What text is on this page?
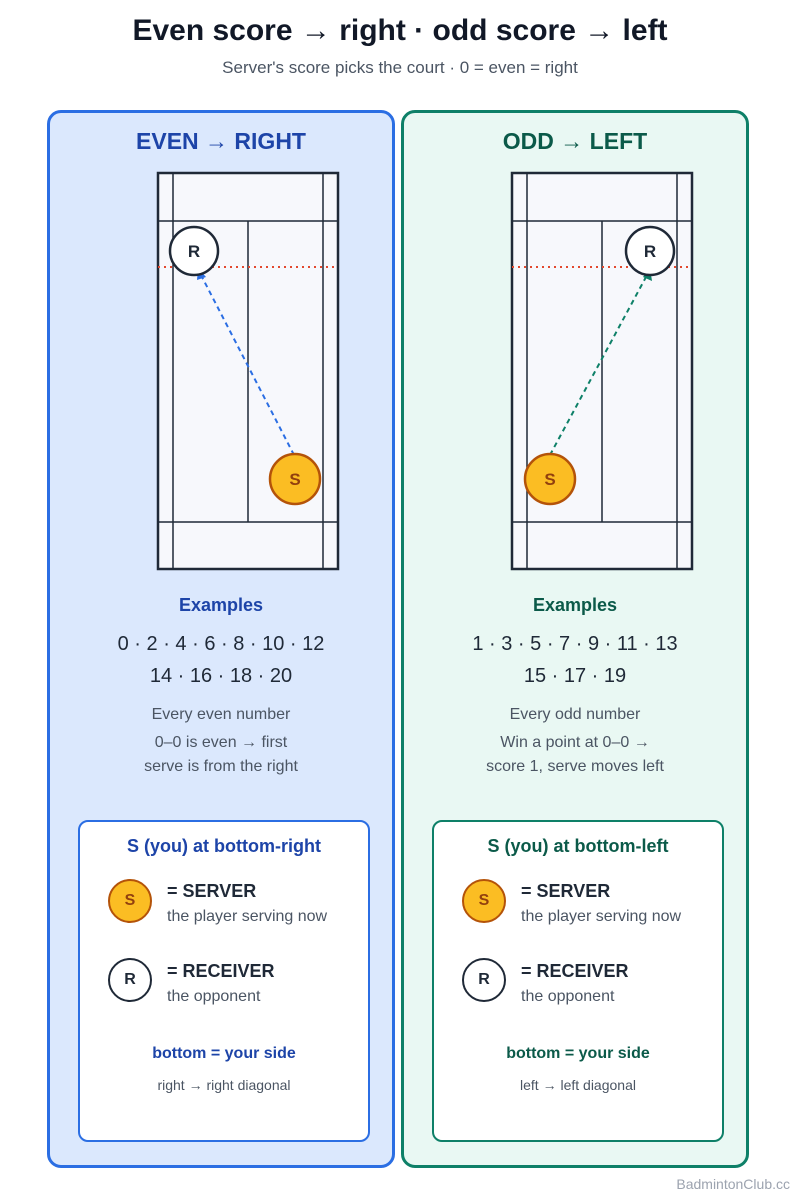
Even score → right · odd score → left
Server's score picks the court · 0 = even = right
EVEN → RIGHT
R
S
Examples
0 · 2 · 4 · 6 · 8 · 10 · 12
14 · 16 · 18 · 20
Every even number
0–0 is even → first
serve is from the right
S (you) at bottom-right
S	= SERVER
the player serving now
R	= RECEIVER
the opponent
bottom = your side
right → right diagonal
ODD → LEFT
R
S
Examples
1 · 3 · 5 · 7 · 9 · 11 · 13
15 · 17 · 19
Every odd number
Win a point at 0–0 →
score 1, serve moves left
S (you) at bottom-left
S	= SERVER
the player serving now
R	= RECEIVER
the opponent
bottom = your side
left → left diagonal
BadmintonClub.cc
